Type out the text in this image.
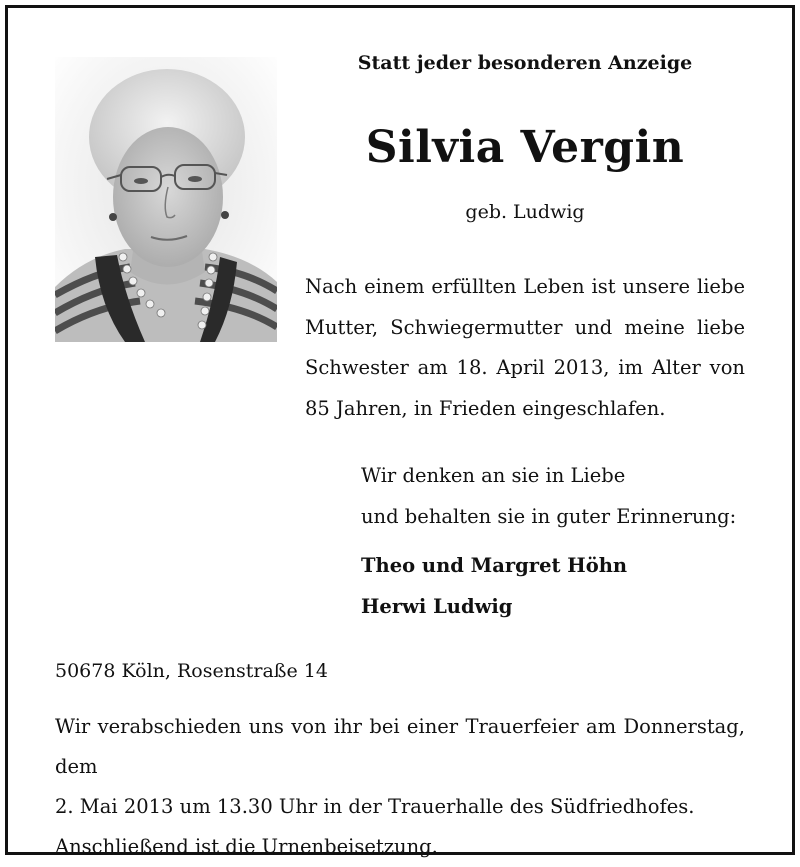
Statt jeder besonderen Anzeige
Silvia Vergin
geb. Ludwig
Nach einem erfüllten Leben ist unsere liebe
Mutter, Schwiegermutter und meine liebe
Schwester am 18. April 2013, im Alter von
85 Jahren, in Frieden eingeschlafen.
Wir denken an sie in Liebe
und behalten sie in guter Erinnerung:
Theo und Margret Höhn
Herwi Ludwig
50678 Köln, Rosenstraße 14
Wir verabschieden uns von ihr bei einer Trauerfeier am Donnerstag, dem
2. Mai 2013 um 13.30 Uhr in der Trauerhalle des Südfriedhofes.
Anschließend ist die Urnenbeisetzung.
